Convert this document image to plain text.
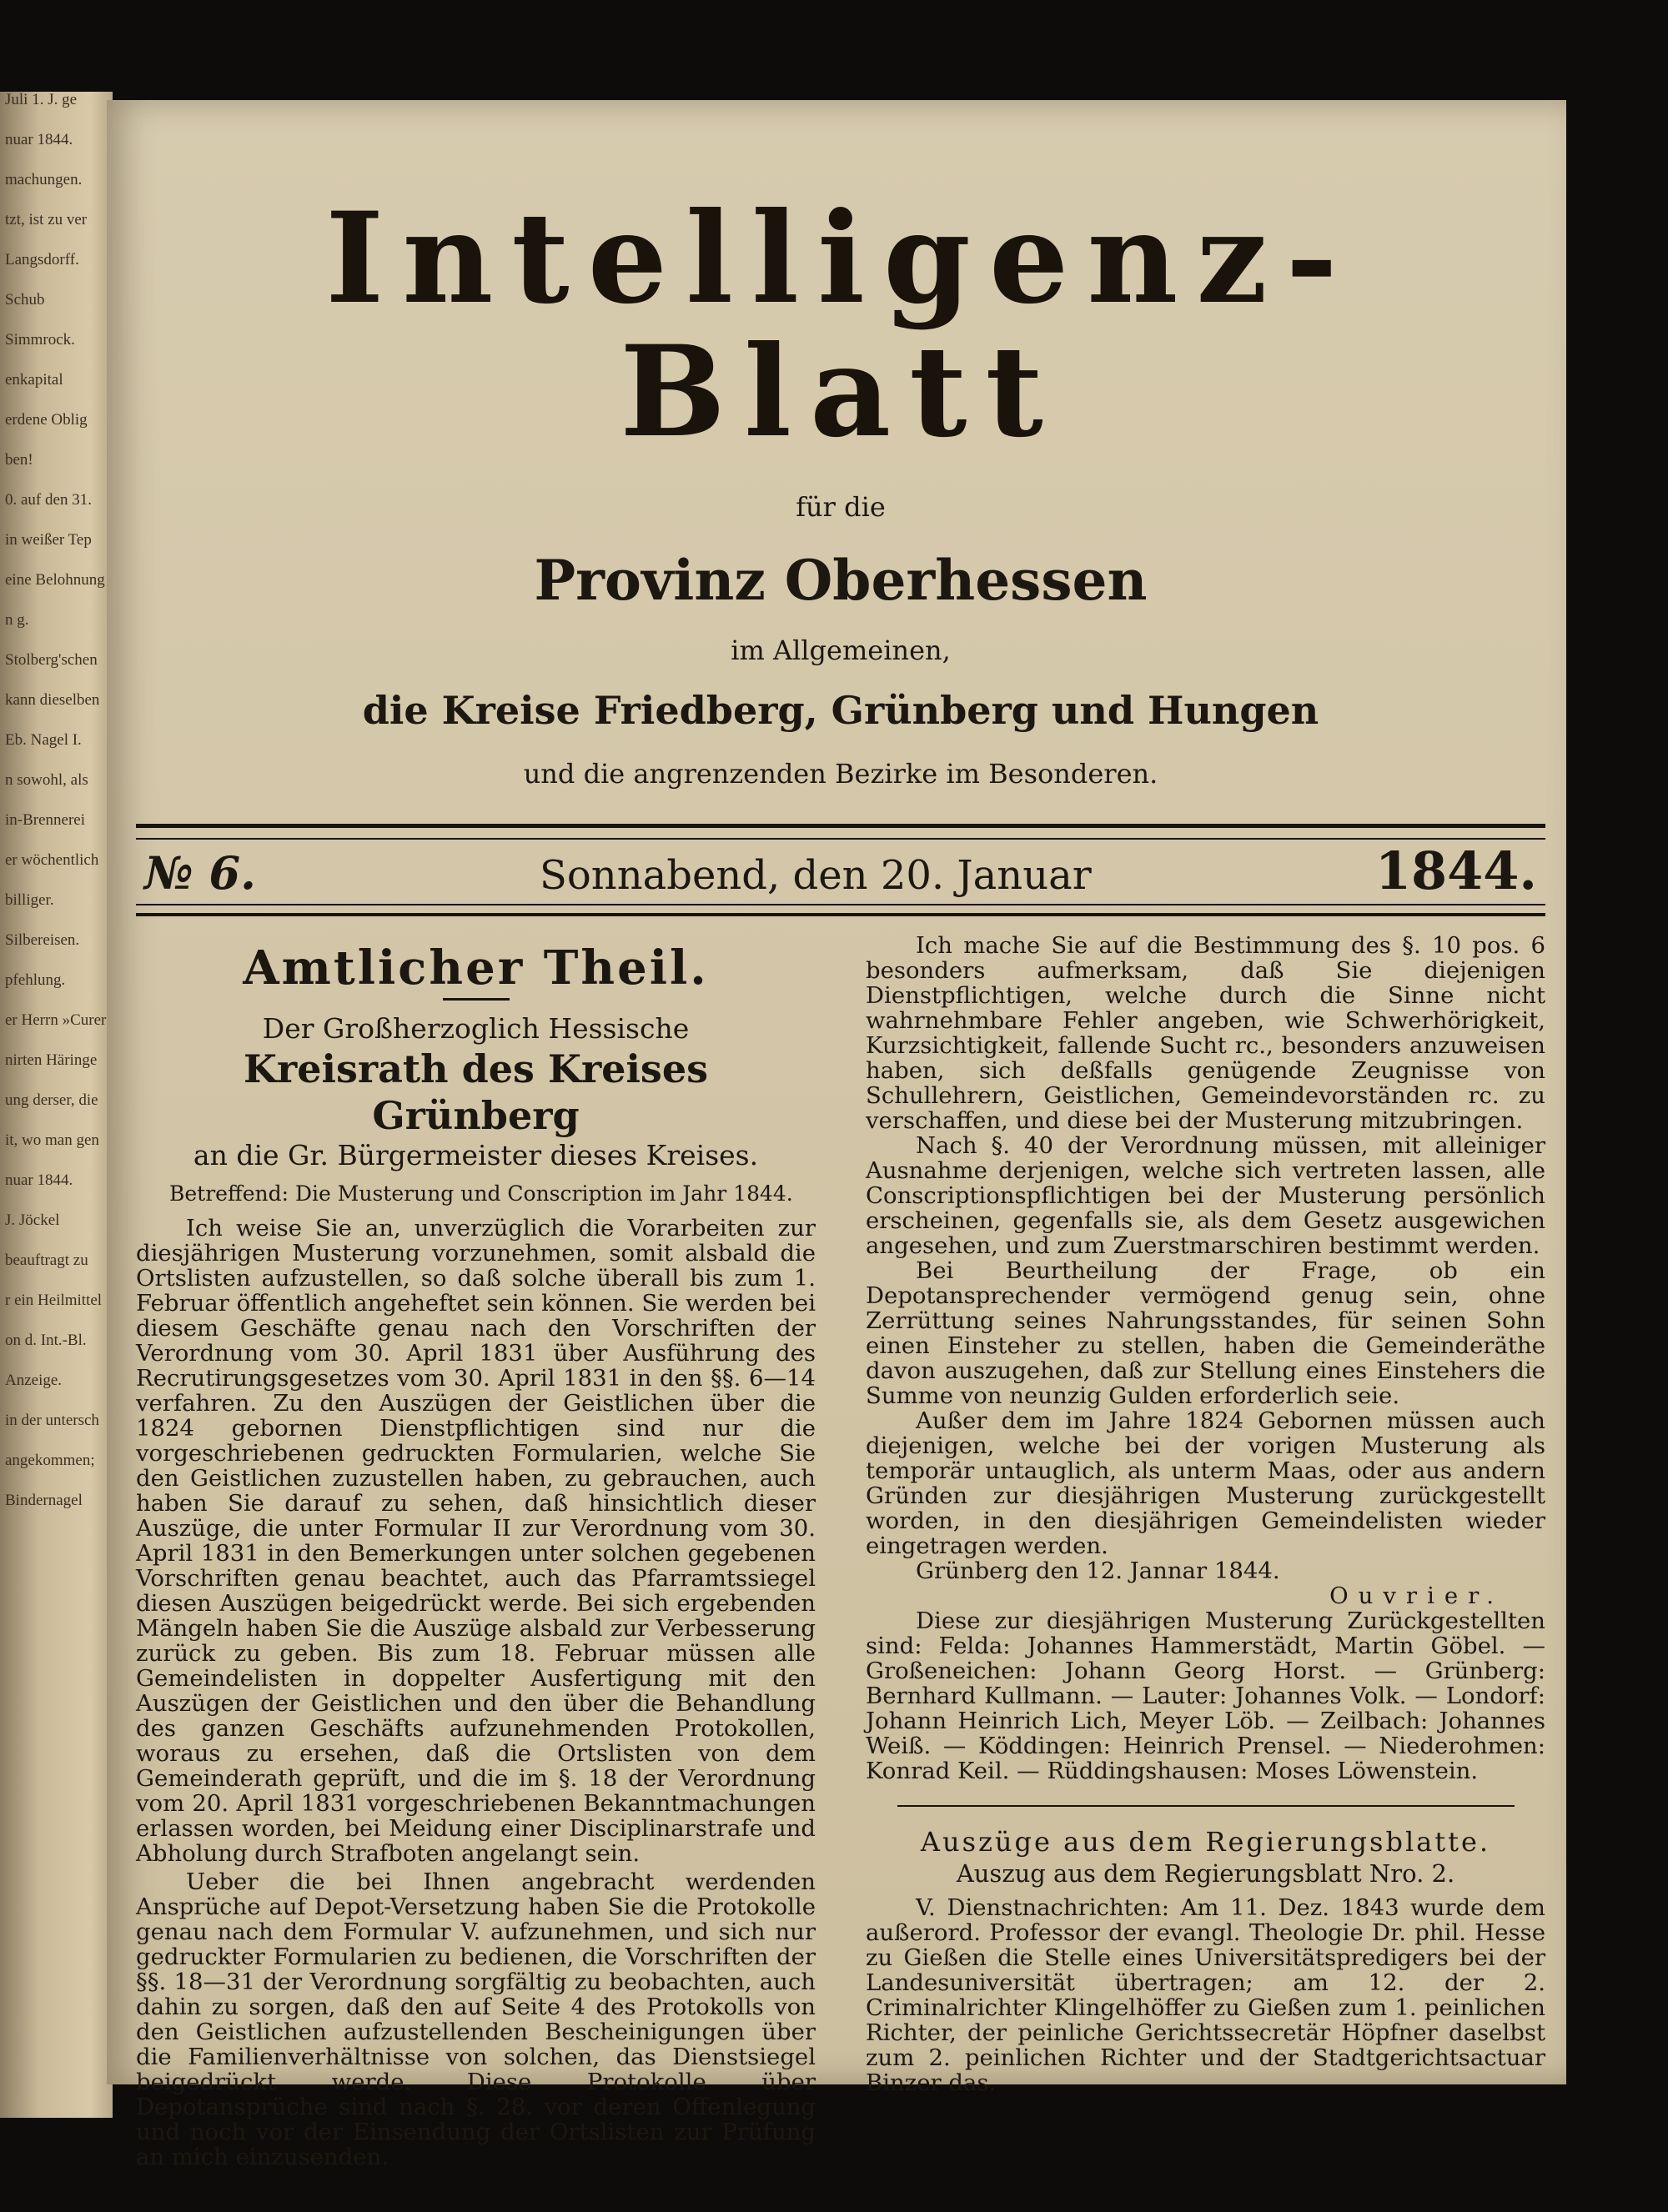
Juli 1. J. ge
nuar 1844.
machungen.
tzt, ist zu ver
Langsdorff.
Schub
Simmrock.
enkapital
erdene Oblig
ben!
0. auf den 31.
in weißer Tep
eine Belohnung
n g.
Stolberg'schen
kann dieselben
Eb. Nagel I.
n sowohl, als
in-Brennerei
er wöchentlich
billiger.
Silbereisen.
pfehlung.
er Herrn »Curer
nirten Häringe
ung derser, die
it, wo man gen
nuar 1844.
J. Jöckel
beauftragt zu
r ein Heilmittel
on d. Int.-Bl.
Anzeige.
in der untersch
angekommen;
Bindernagel
Intelligenz-Blatt

für die

Provinz Oberhessen

im Allgemeinen,

die Kreise Friedberg, Grünberg und Hungen

und die angrenzenden Bezirke im Besonderen.

№ 6.	Sonnabend, den 20. Januar	1844.
Amtlicher Theil.

Der Großherzoglich Hessische

Kreisrath des Kreises Grünberg

an die Gr. Bürgermeister dieses Kreises.

Betreffend: Die Musterung und Conscription im Jahr 1844.

Ich weise Sie an, unverzüglich die Vorarbeiten zur diesjährigen Musterung vorzunehmen, somit alsbald die Ortslisten aufzustellen, so daß solche überall bis zum 1. Februar öffentlich angeheftet sein können. Sie werden bei diesem Geschäfte genau nach den Vorschriften der Verordnung vom 30. April 1831 über Ausführung des Recrutirungsgesetzes vom 30. April 1831 in den §§. 6—14 verfahren. Zu den Auszügen der Geistlichen über die 1824 gebornen Dienstpflichtigen sind nur die vorgeschriebenen gedruckten Formularien, welche Sie den Geistlichen zuzustellen haben, zu gebrauchen, auch haben Sie darauf zu sehen, daß hinsichtlich dieser Auszüge, die unter Formular II zur Verordnung vom 30. April 1831 in den Bemerkungen unter solchen gegebenen Vorschriften genau beachtet, auch das Pfarramtssiegel diesen Auszügen beigedrückt werde. Bei sich ergebenden Mängeln haben Sie die Auszüge alsbald zur Verbesserung zurück zu geben. Bis zum 18. Februar müssen alle Gemeindelisten in doppelter Ausfertigung mit den Auszügen der Geistlichen und den über die Behandlung des ganzen Geschäfts aufzunehmenden Protokollen, woraus zu ersehen, daß die Ortslisten von dem Gemeinderath geprüft, und die im §. 18 der Verordnung vom 20. April 1831 vorgeschriebenen Bekanntmachungen erlassen worden, bei Meidung einer Disciplinarstrafe und Abholung durch Strafboten angelangt sein.

Ueber die bei Ihnen angebracht werdenden Ansprüche auf Depot-Versetzung haben Sie die Protokolle genau nach dem Formular V. aufzunehmen, und sich nur gedruckter Formularien zu bedienen, die Vorschriften der §§. 18—31 der Verordnung sorgfältig zu beobachten, auch dahin zu sorgen, daß den auf Seite 4 des Protokolls von den Geistlichen aufzustellenden Bescheinigungen über die Familienverhältnisse von solchen, das Dienstsiegel beigedrückt werde. Diese Protokolle über Depotansprüche sind nach §. 28. vor deren Offenlegung und noch vor der Einsendung der Ortslisten zur Prüfung an mich einzusenden.

Ich mache Sie auf die Bestimmung des §. 10 pos. 6 besonders aufmerksam, daß Sie diejenigen Dienstpflichtigen, welche durch die Sinne nicht wahrnehmbare Fehler angeben, wie Schwerhörigkeit, Kurzsichtigkeit, fallende Sucht rc., besonders anzuweisen haben, sich deßfalls genügende Zeugnisse von Schullehrern, Geistlichen, Gemeindevorständen rc. zu verschaffen, und diese bei der Musterung mitzubringen.

Nach §. 40 der Verordnung müssen, mit alleiniger Ausnahme derjenigen, welche sich vertreten lassen, alle Conscriptionspflichtigen bei der Musterung persönlich erscheinen, gegenfalls sie, als dem Gesetz ausgewichen angesehen, und zum Zuerstmarschiren bestimmt werden.

Bei Beurtheilung der Frage, ob ein Depotansprechender vermögend genug sein, ohne Zerrüttung seines Nahrungsstandes, für seinen Sohn einen Einsteher zu stellen, haben die Gemeinderäthe davon auszugehen, daß zur Stellung eines Einstehers die Summe von neunzig Gulden erforderlich seie.

Außer dem im Jahre 1824 Gebornen müssen auch diejenigen, welche bei der vorigen Musterung als temporär untauglich, als unterm Maas, oder aus andern Gründen zur diesjährigen Musterung zurückgestellt worden, in den diesjährigen Gemeindelisten wieder eingetragen werden.

Grünberg den 12. Jannar 1844.

Ouvrier.

Diese zur diesjährigen Musterung Zurückgestellten sind: Felda: Johannes Hammerstädt, Martin Göbel. — Großeneichen: Johann Georg Horst. — Grünberg: Bernhard Kullmann. — Lauter: Johannes Volk. — Londorf: Johann Heinrich Lich, Meyer Löb. — Zeilbach: Johannes Weiß. — Köddingen: Heinrich Prensel. — Niederohmen: Konrad Keil. — Rüddingshausen: Moses Löwenstein.

Auszüge aus dem Regierungsblatte.

Auszug aus dem Regierungsblatt Nro. 2.

V. Dienstnachrichten: Am 11. Dez. 1843 wurde dem außerord. Professor der evangl. Theologie Dr. phil. Hesse zu Gießen die Stelle eines Universitätspredigers bei der Landesuniversität übertragen; am 12. der 2. Criminalrichter Klingelhöffer zu Gießen zum 1. peinlichen Richter, der peinliche Gerichtssecretär Höpfner daselbst zum 2. peinlichen Richter und der Stadtgerichtsactuar Binzer das.
